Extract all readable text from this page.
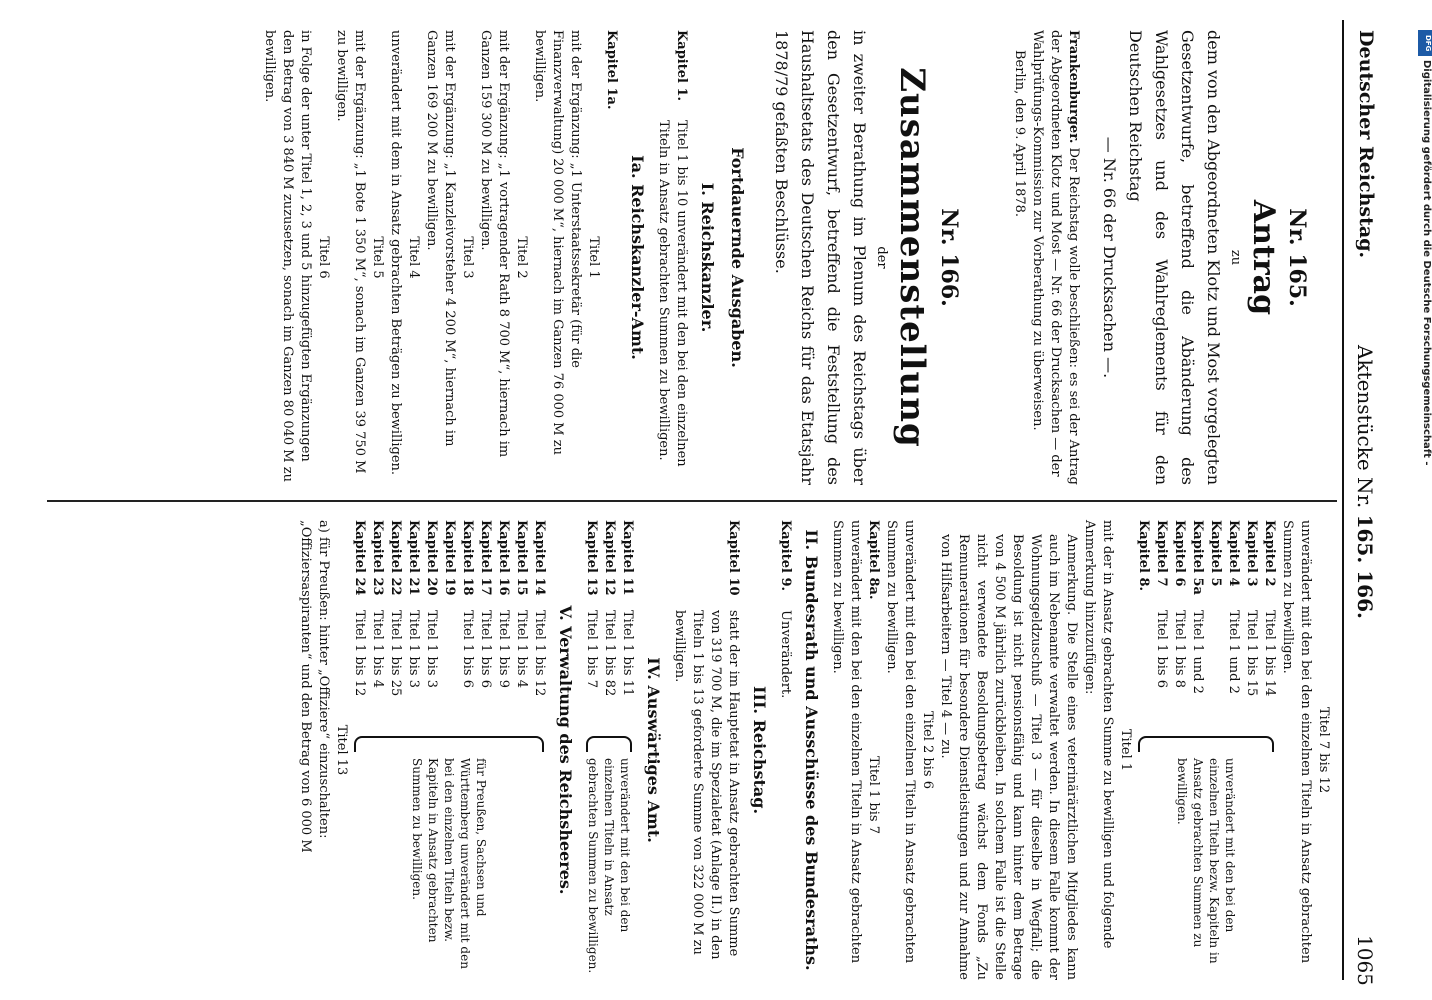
Deutscher Reichstag.
Aktenstücke Nr. 165. 166.
1065
Nr. 165.
Antrag
zu

dem von den Abgeordneten Klotz und Most vorgelegten Gesetzentwurfe, betreffend die Abänderung des Wahlgesetzes und des Wahlreglements für den Deutschen Reichstag

— Nr. 66 der Drucksachen —.

Frankenburger. Der Reichstag wolle beschließen: es sei der Antrag der Abgeordneten Klotz und Most — Nr. 66 der Drucksachen — der Wahlprüfungs-Kommission zur Vorberathung zu überweisen.

Berlin, den 9. April 1878.

Nr. 166.
Zusammenstellung
der

in zweiter Berathung im Plenum des Reichstags über den Gesetzentwurf, betreffend die Feststellung des Haushaltsetats des Deutschen Reichs für das Etatsjahr 1878/79 gefaßten Beschlüsse.

Fortdauernde Ausgaben.
I. Reichskanzler.
Kapitel 1.
Titel 1 bis 10 unverändert mit den bei den einzelnen Titeln in Ansatz gebrachten Summen zu bewilligen.
Ia. Reichskanzler-Amt.
Kapitel 1a.
Titel 1

mit der Ergänzung: „1 Unterstaatssekretär (für die Finanzverwaltung) 20 000 M“, hiernach im Ganzen 76 000 M zu bewilligen.

Titel 2

mit der Ergänzung: „1 vortragender Rath 8 700 M“, hiernach im Ganzen 159 300 M zu bewilligen.

Titel 3

mit der Ergänzung: „1 Kanzleivorsteher 4 200 M“, hiernach im Ganzen 169 200 M zu bewilligen.

Titel 4

unverändert mit dem in Ansatz gebrachten Beträgen zu bewilligen.

Titel 5

mit der Ergänzung: „1 Bote 1 350 M“, sonach im Ganzen 39 750 M zu bewilligen.

Titel 6

in Folge der unter Titel 1, 2, 3 und 5 hinzugefügten Ergänzungen den Betrag von 3 840 M zuzusetzen, sonach im Ganzen 80 040 M zu bewilligen.

Titel 7 bis 12

unverändert mit den bei den einzelnen Titeln in Ansatz gebrachten Summen zu bewilligen.

Kapitel 2
Titel 1 bis 14
Kapitel 3
Titel 1 bis 15
Kapitel 4
Titel 1 und 2
Kapitel 5
Kapitel 5a
Titel 1 und 2
Kapitel 6
Titel 1 bis 8
Kapitel 7
Titel 1 bis 6
Kapitel 8.
unverändert mit den bei den einzelnen Titeln bezw. Kapiteln in Ansatz gebrachten Summen zu bewilligen.
Titel 1

mit der in Ansatz gebrachten Summe zu bewilligen und folgende Anmerkung hinzuzufügen:

Anmerkung. Die Stelle eines veterinärärztlichen Mitgliedes kann auch im Nebenamte verwaltet werden. In diesem Falle kommt der Wohnungsgeldzuschuß — Titel 3 — für dieselbe in Wegfall; die Besoldung ist nicht pensionsfähig und kann hinter dem Betrage von 4 500 M jährlich zurückbleiben. In solchem Falle ist die Stelle nicht verwendete Besoldungsbetrag wächst dem Fonds „Zu Remunerationen für besondere Dienstleistungen und zur Annahme von Hilfsarbeitern — Titel 4 — zu.

Titel 2 bis 6

unverändert mit den bei den einzelnen Titeln in Ansatz gebrachten Summen zu bewilligen.

Kapitel 8a.
Titel 1 bis 7

unverändert mit den bei den einzelnen Titeln in Ansatz gebrachten Summen zu bewilligen.

II. Bundesrath und Ausschüsse des Bundesraths.
Kapitel 9.
Unverändert.
III. Reichstag.
Kapitel 10
statt der im Hauptetat in Ansatz gebrachten Summe von 319 700 M, die im Spezialetat (Anlage II.) in den Titeln 1 bis 13 geforderte Summe von 322 000 M zu bewilligen.
IV. Auswärtiges Amt.
Kapitel 11
Titel 1 bis 11
Kapitel 12
Titel 1 bis 82
Kapitel 13
Titel 1 bis 7
unverändert mit den bei den einzelnen Titeln in Ansatz gebrachten Summen zu bewilligen.
V. Verwaltung des Reichsheeres.
Kapitel 14
Titel 1 bis 12
Kapitel 15
Titel 1 bis 4
Kapitel 16
Titel 1 bis 9
Kapitel 17
Titel 1 bis 6
Kapitel 18
Titel 1 bis 6
Kapitel 19
Kapitel 20
Titel 1 bis 3
Kapitel 21
Titel 1 bis 3
Kapitel 22
Titel 1 bis 25
Kapitel 23
Titel 1 bis 4
Kapitel 24
Titel 1 bis 12
für Preußen, Sachsen und Württemberg unverändert mit den bei den einzelnen Titeln bezw. Kapiteln in Ansatz gebrachten Summen zu bewilligen.
Titel 13

a) für Preußen: hinter „Offiziere“ einzuschalten: „Offiziersaspiranten“ und den Betrag von 6 000 M

DFG
Digitalisierung gefördert durch die Deutsche Forschungsgemeinschaft -
